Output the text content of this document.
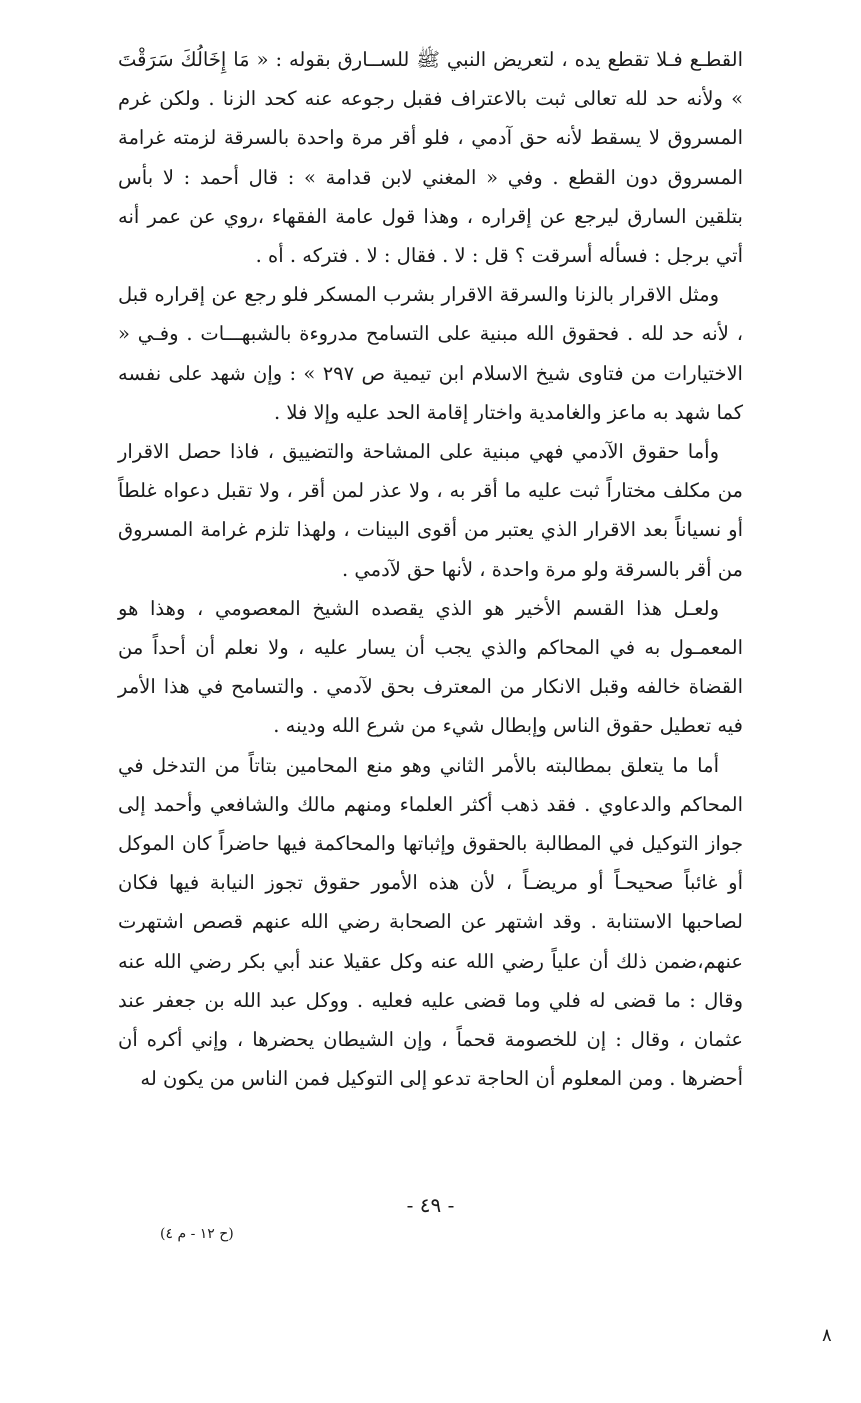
القطـع فـلا تقطع يده ، لتعريض النبي ﷺ للســارق بقوله : « مَا إِخَالُكَ سَرَقْتَ » ولأنه حد لله تعالى ثبت بالاعتراف فقبل رجوعه عنه كحد الزنا . ولكن غرم المسروق لا يسقط لأنه حق آدمي ، فلو أقر مرة واحدة بالسرقة لزمته غرامة المسروق دون القطع . وفي « المغني لابن قدامة » : قال أحمد : لا بأس بتلقين السارق ليرجع عن إقراره ، وهذا قول عامة الفقهاء ،روي عن عمر أنه أتي برجل : فسأله أسرقت ؟ قل : لا . فقال : لا . فتركه . أه .

ومثل الاقرار بالزنا والسرقة الاقرار بشرب المسكر فلو رجع عن إقراره قبل ، لأنه حد لله . فحقوق الله مبنية على التسامح مدروءة بالشبهـــات . وفـي « الاختيارات من فتاوى شيخ الاسلام ابن تيمية ص ٢٩٧ » : وإن شهد على نفسه كما شهد به ماعز والغامدية واختار إقامة الحد عليه وإلا فلا .

وأما حقوق الآدمي فهي مبنية على المشاحة والتضييق ، فاذا حصل الاقرار من مكلف مختاراً ثبت عليه ما أقر به ، ولا عذر لمن أقر ، ولا تقبل دعواه غلطاً أو نسياناً بعد الاقرار الذي يعتبر من أقوى البينات ، ولهذا تلزم غرامة المسروق من أقر بالسرقة ولو مرة واحدة ، لأنها حق لآدمي .

ولعـل هذا القسم الأخير هو الذي يقصده الشيخ المعصومي ، وهذا هو المعمـول به في المحاكم والذي يجب أن يسار عليه ، ولا نعلم أن أحداً من القضاة خالفه وقبل الانكار من المعترف بحق لآدمي . والتسامح في هذا الأمر فيه تعطيل حقوق الناس وإبطال شيء من شرع الله ودينه .

أما ما يتعلق بمطالبته بالأمر الثاني وهو منع المحامين بتاتاً من التدخل في المحاكم والدعاوي . فقد ذهب أكثر العلماء ومنهم مالك والشافعي وأحمد إلى جواز التوكيل في المطالبة بالحقوق وإثباتها والمحاكمة فيها حاضراً كان الموكل أو غائباً صحيحـاً أو مريضـاً ، لأن هذه الأمور حقوق تجوز النيابة فيها فكان لصاحبها الاستنابة . وقد اشتهر عن الصحابة رضي الله عنهم قصص اشتهرت عنهم،ضمن ذلك أن علياً رضي الله عنه وكل عقيلا عند أبي بكر رضي الله عنه وقال : ما قضى له فلي وما قضى عليه فعليه . ووكل عبد الله بن جعفر عند عثمان ، وقال : إن للخصومة قحماً ، وإن الشيطان يحضرها ، وإني أكره أن أحضرها . ومن المعلوم أن الحاجة تدعو إلى التوكيل فمن الناس من يكون له

- ٤٩ -
(ح ١٢ - م ٤)
٨
